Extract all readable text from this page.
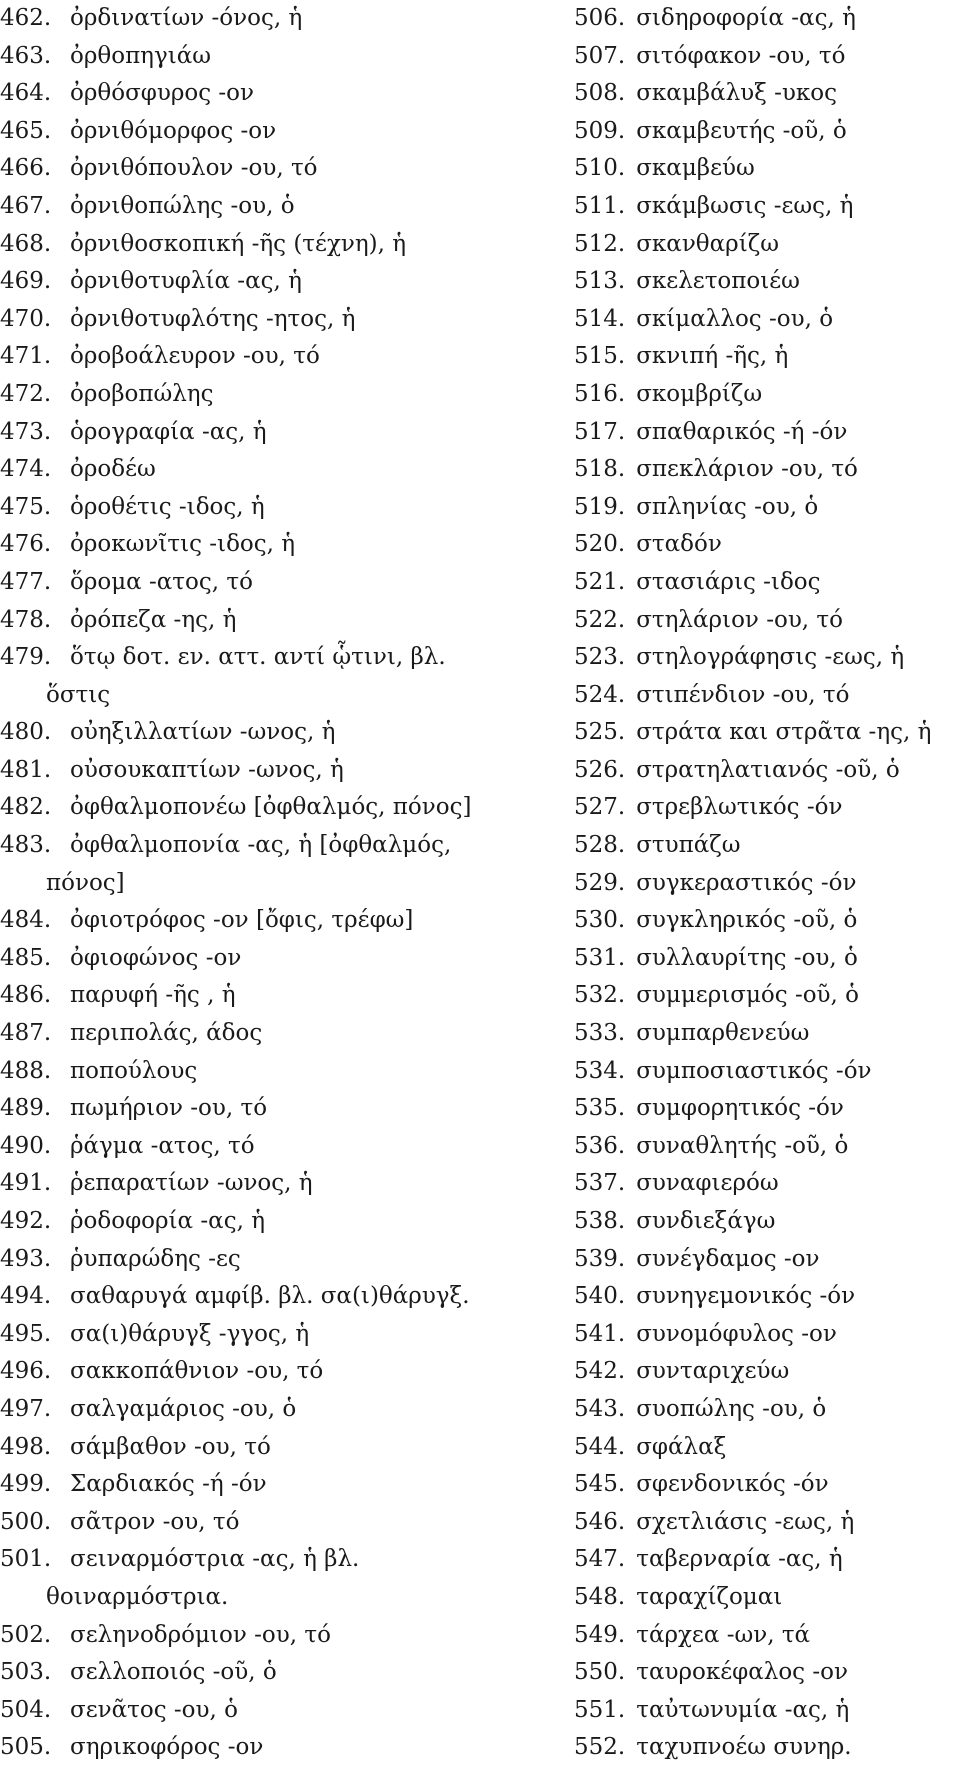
462. ὀρδινατίων -όνος, ἡ
463. ὀρθοπηγιάω
464. ὀρθόσφυρος -ον
465. ὀρνιθόμορφος -ον
466. ὀρνιθόπουλον -ου, τό
467. ὀρνιθοπώλης -ου, ὁ
468. ὀρνιθοσκοπική -ῆς (τέχνη), ἡ
469. ὀρνιθοτυφλία -ας, ἡ
470. ὀρνιθοτυφλότης -ητος, ἡ
471. ὀροβοάλευρον -ου, τό
472. ὀροβοπώλης
473. ὁρογραφία -ας, ἡ
474. ὀροδέω
475. ὁροθέτις -ιδος, ἡ
476. ὀροκωνῖτις -ιδος, ἡ
477. ὅρομα -ατος, τό
478. ὀρόπεζα -ης, ἡ
479. ὅτῳ δοτ. εν. αττ. αντί ᾧτινι, βλ.
ὅστις
480. οὐηξιλλατίων -ωνος, ἡ
481. οὐσουκαπτίων -ωνος, ἡ
482. ὀφθαλμοπονέω [ὀφθαλμός, πόνος]
483. ὀφθαλμοπονία -ας, ἡ [ὀφθαλμός,
πόνος]
484. ὀφιοτρόφος -ον [ὄφις, τρέφω]
485. ὀφιοφώνος -ον
486. παρυφή -ῆς , ἡ
487. περιπολάς, άδος
488. ποπούλους
489. πωμήριον -ου, τό
490. ῥάγμα -ατος, τό
491. ῥεπαρατίων -ωνος, ἡ
492. ῥοδοφορία -ας, ἡ
493. ῥυπαρώδης -ες
494. σαθαρυγά αμφίβ. βλ. σα(ι)θάρυγξ.
495. σα(ι)θάρυγξ -γγος, ἡ
496. σακκοπάθνιον -ου, τό
497. σαλγαμάριος -ου, ὁ
498. σάμβαθον -ου, τό
499. Σαρδιακός -ή -όν
500. σᾶτρον -ου, τό
501. σειναρμόστρια -ας, ἡ βλ.
θοιναρμόστρια.
502. σεληνοδρόμιον -ου, τό
503. σελλοποιός -οῦ, ὁ
504. σενᾶτος -ου, ὁ
505. σηρικοφόρος -ον
506. σιδηροφορία -ας, ἡ
507. σιτόφακον -ου, τό
508. σκαμβάλυξ -υκος
509. σκαμβευτής -οῦ, ὁ
510. σκαμβεύω
511. σκάμβωσις -εως, ἡ
512. σκανθαρίζω
513. σκελετοποιέω
514. σκίμαλλος -ου, ὁ
515. σκνιπή -ῆς, ἡ
516. σκομβρίζω
517. σπαθαρικός -ή -όν
518. σπεκλάριον -ου, τό
519. σπληνίας -ου, ὁ
520. σταδόν
521. στασιάρις -ιδος
522. στηλάριον -ου, τό
523. στηλογράφησις -εως, ἡ
524. στιπένδιον -ου, τό
525. στράτα και στρᾶτα -ης, ἡ
526. στρατηλατιανός -οῦ, ὁ
527. στρεβλωτικός -όν
528. στυπάζω
529. συγκεραστικός -όν
530. συγκληρικός -οῦ, ὁ
531. συλλαυρίτης -ου, ὁ
532. συμμερισμός -οῦ, ὁ
533. συμπαρθενεύω
534. συμποσιαστικός -όν
535. συμφορητικός -όν
536. συναθλητής -οῦ, ὁ
537. συναφιερόω
538. συνδιεξάγω
539. συνέγδαμος -ον
540. συνηγεμονικός -όν
541. συνομόφυλος -ον
542. συνταριχεύω
543. συοπώλης -ου, ὁ
544. σφάλαξ
545. σφενδονικός -όν
546. σχετλιάσις -εως, ἡ
547. ταβερναρία -ας, ἡ
548. ταραχίζομαι
549. τάρχεα -ων, τά
550. ταυροκέφαλος -ον
551. ταὐτωνυμία -ας, ἡ
552. ταχυπνοέω συνηρ.
